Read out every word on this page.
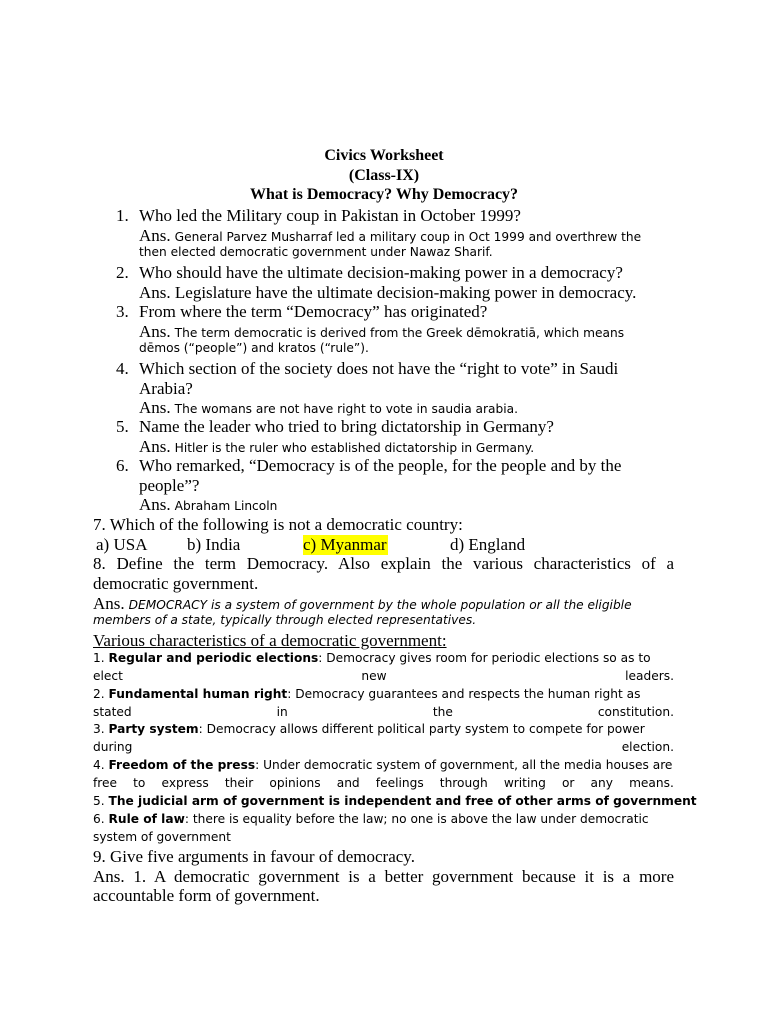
Civics Worksheet
(Class-IX)
What is Democracy? Why Democracy?
1. Who led the Military coup in Pakistan in October 1999?
Ans. General Parvez Musharraf led a military coup in Oct 1999 and overthrew the
then elected democratic government under Nawaz Sharif.
2. Who should have the ultimate decision-making power in a democracy?
Ans. Legislature have the ultimate decision-making power in democracy.
3. From where the term “Democracy” has originated?
Ans. The term democratic is derived from the Greek dēmokratiā, which means
dēmos (“people”) and kratos (“rule”).
4. Which section of the society does not have the “right to vote” in Saudi
Arabia?
Ans. The womans are not have right to vote in saudia arabia.
5. Name the leader who tried to bring dictatorship in Germany?
Ans. Hitler is the ruler who established dictatorship in Germany.
6. Who remarked, “Democracy is of the people, for the people and by the
people”?
Ans. Abraham Lincoln
7. Which of the following is not a democratic country:
a) USA b) India	c) Myanmar	d) England
8. Define the term Democracy. Also explain the various characteristics of a
democratic government.
Ans. DEMOCRACY is a system of government by the whole population or all the eligible
members of a state, typically through elected representatives.
Various characteristics of a democratic government:
1. Regular and periodic elections: Democracy gives room for periodic elections so as to
elect	new	leaders.
2. Fundamental human right: Democracy guarantees and respects the human right as
stated	in	the	constitution.
3. Party system: Democracy allows different political party system to compete for power
during	election.
4. Freedom of the press: Under democratic system of government, all the media houses are
free to express their opinions and feelings through writing or any means.
5. The judicial arm of government is independent and free of other arms of government
6. Rule of law: there is equality before the law; no one is above the law under democratic
system of government
9. Give five arguments in favour of democracy.
Ans. 1. A democratic government is a better government because it is a more
accountable form of government.
